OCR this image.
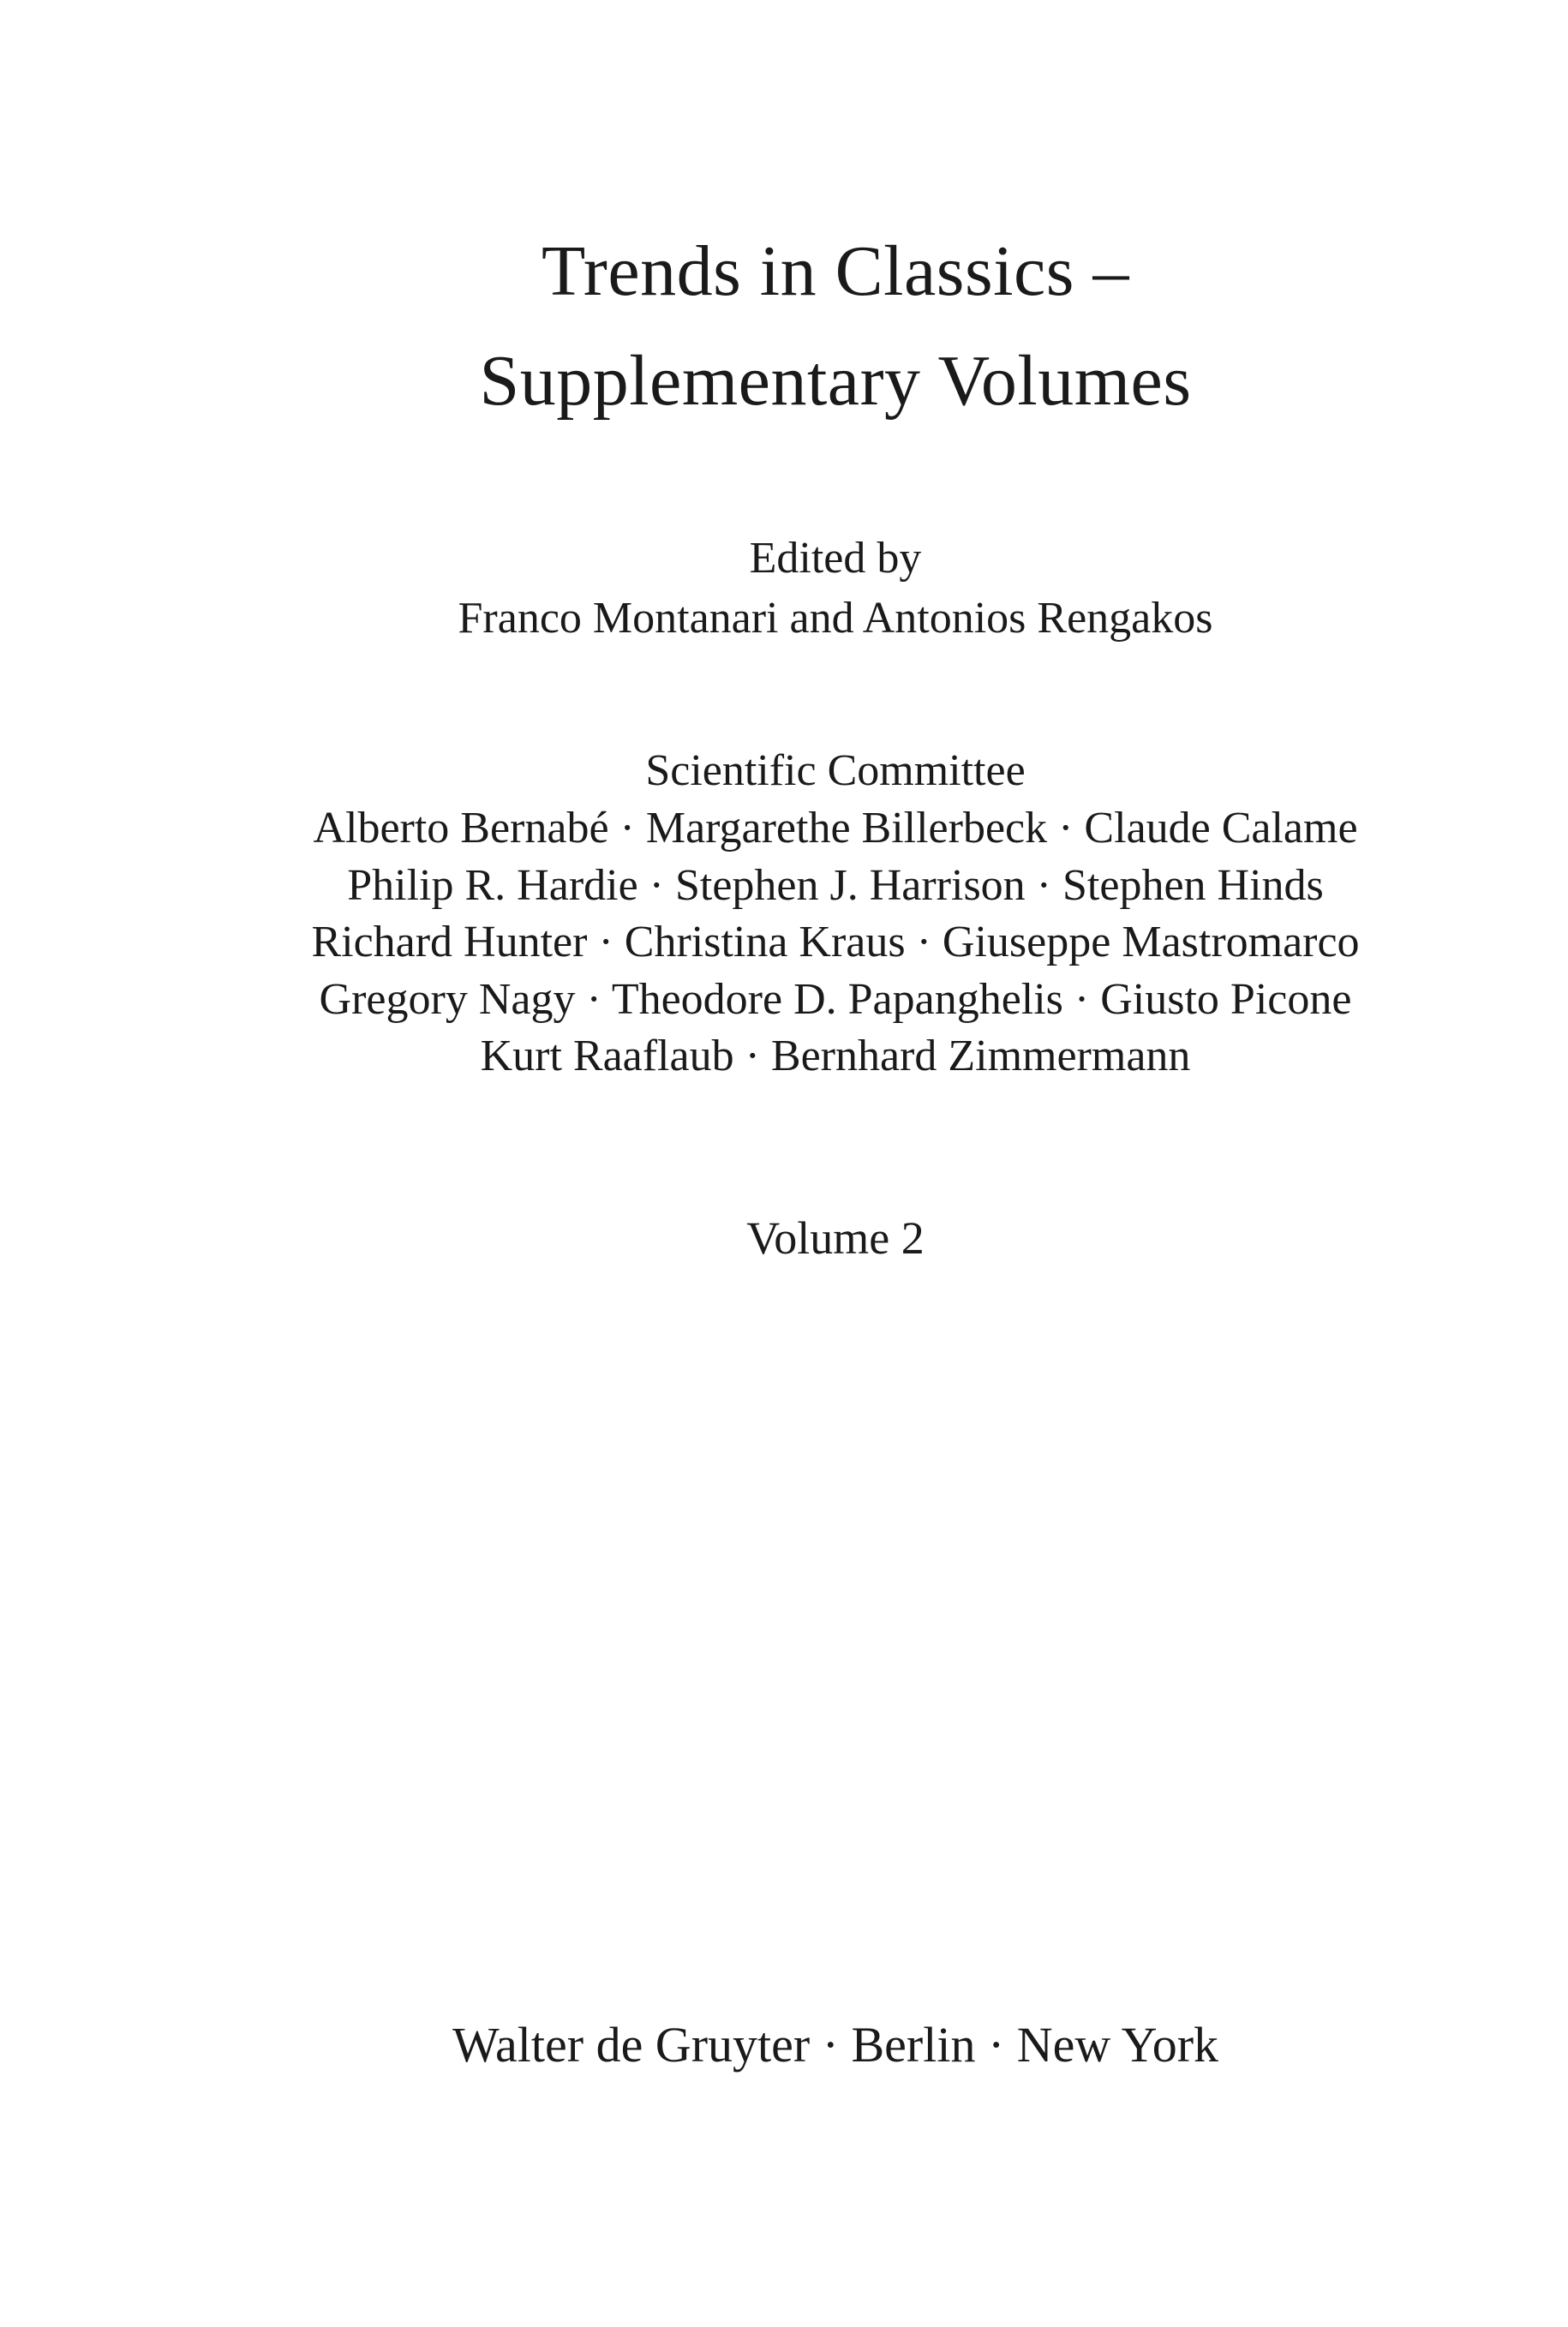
Trends in Classics –
Supplementary Volumes
Edited by
Franco Montanari and Antonios Rengakos
Scientific Committee
Alberto Bernabé · Margarethe Billerbeck · Claude Calame
Philip R. Hardie · Stephen J. Harrison · Stephen Hinds
Richard Hunter · Christina Kraus · Giuseppe Mastromarco
Gregory Nagy · Theodore D. Papanghelis · Giusto Picone
Kurt Raaflaub · Bernhard Zimmermann
Volume 2
Walter de Gruyter · Berlin · New York
